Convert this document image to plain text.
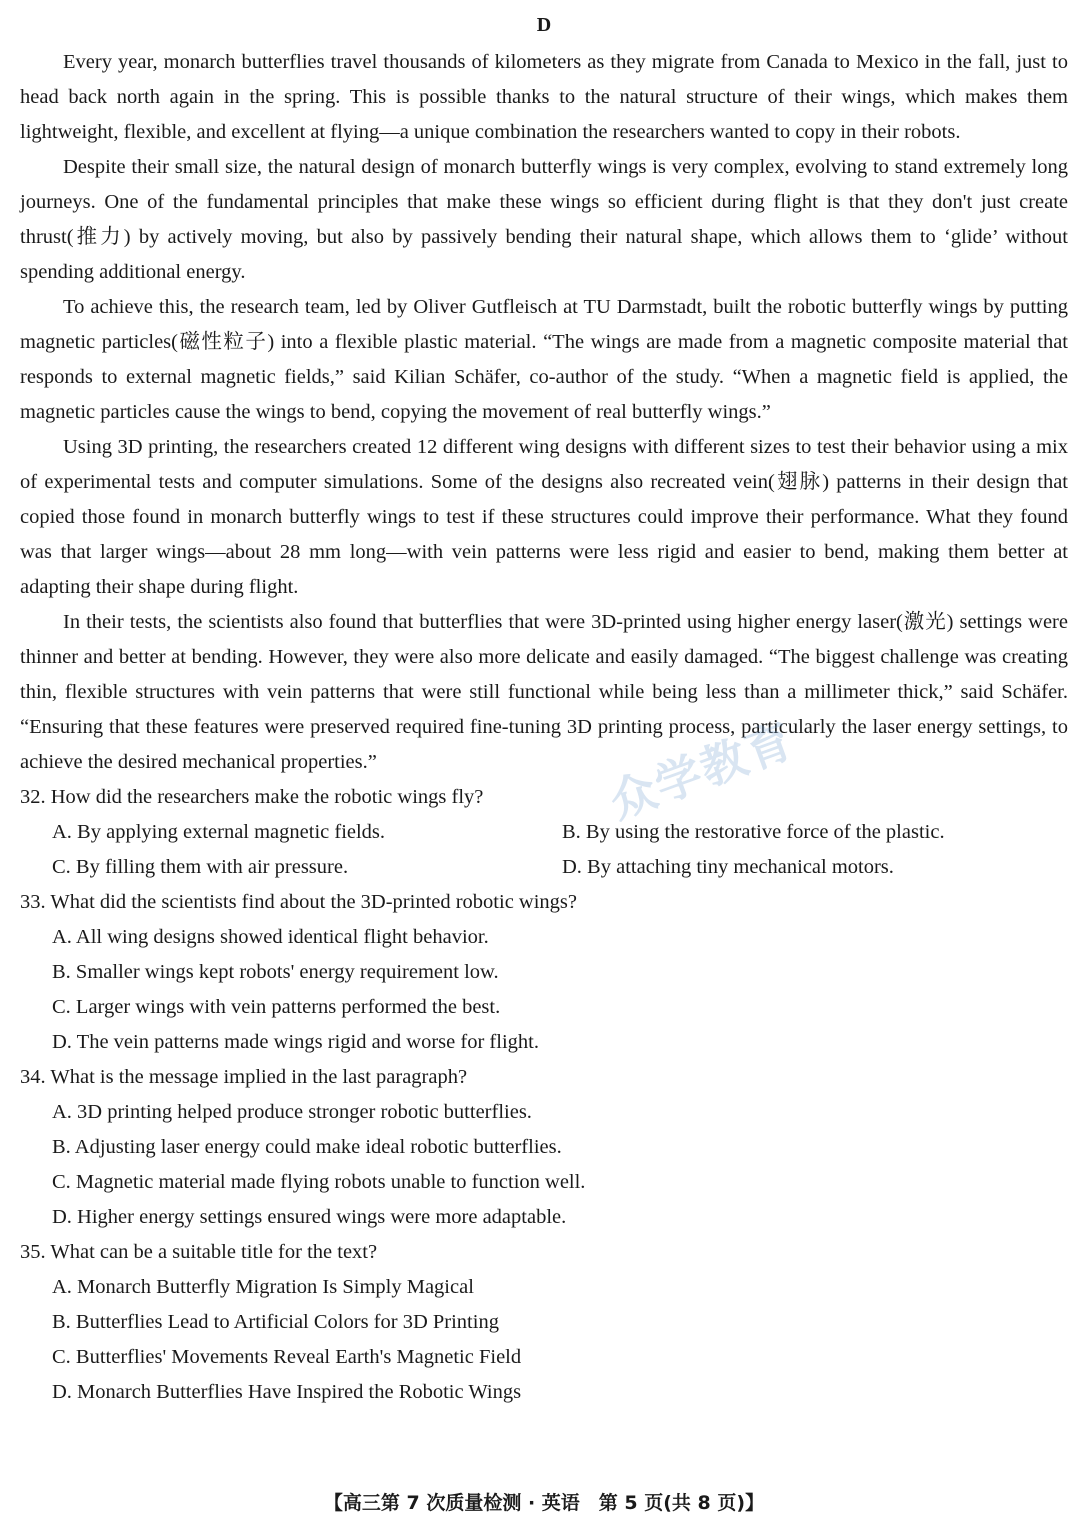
D

Every year, monarch butterflies travel thousands of kilometers as they migrate from Canada to Mexico in the fall, just to head back north again in the spring. This is possible thanks to the natural structure of their wings, which makes them lightweight, flexible, and excellent at flying—a unique combination the researchers wanted to copy in their robots.

Despite their small size, the natural design of monarch butterfly wings is very complex, evolving to stand extremely long journeys. One of the fundamental principles that make these wings so efficient during flight is that they don't just create thrust(推力) by actively moving, but also by passively bending their natural shape, which allows them to ‘glide’ without spending additional energy.

To achieve this, the research team, led by Oliver Gutfleisch at TU Darmstadt, built the robotic butterfly wings by putting magnetic particles(磁性粒子) into a flexible plastic material. “The wings are made from a magnetic composite material that responds to external magnetic fields,” said Kilian Schäfer, co-author of the study. “When a magnetic field is applied, the magnetic particles cause the wings to bend, copying the movement of real butterfly wings.”

Using 3D printing, the researchers created 12 different wing designs with different sizes to test their behavior using a mix of experimental tests and computer simulations. Some of the designs also recreated vein(翅脉) patterns in their design that copied those found in monarch butterfly wings to test if these structures could improve their performance. What they found was that larger wings—about 28 mm long—with vein patterns were less rigid and easier to bend, making them better at adapting their shape during flight.

In their tests, the scientists also found that butterflies that were 3D-printed using higher energy laser(激光) settings were thinner and better at bending. However, they were also more delicate and easily damaged. “The biggest challenge was creating thin, flexible structures with vein patterns that were still functional while being less than a millimeter thick,” said Schäfer. “Ensuring that these features were preserved required fine-tuning 3D printing process, particularly the laser energy settings, to achieve the desired mechanical properties.”

32. How did the researchers make the robotic wings fly?

A. By applying external magnetic fields.	B. By using the restorative force of the plastic.
C. By filling them with air pressure.	D. By attaching tiny mechanical motors.

33. What did the scientists find about the 3D-printed robotic wings?

A. All wing designs showed identical flight behavior.
B. Smaller wings kept robots' energy requirement low.
C. Larger wings with vein patterns performed the best.
D. The vein patterns made wings rigid and worse for flight.

34. What is the message implied in the last paragraph?

A. 3D printing helped produce stronger robotic butterflies.
B. Adjusting laser energy could make ideal robotic butterflies.
C. Magnetic material made flying robots unable to function well.
D. Higher energy settings ensured wings were more adaptable.

35. What can be a suitable title for the text?

A. Monarch Butterfly Migration Is Simply Magical
B. Butterflies Lead to Artificial Colors for 3D Printing
C. Butterflies' Movements Reveal Earth's Magnetic Field
D. Monarch Butterflies Have Inspired the Robotic Wings
【高三第 7 次质量检测 · 英语　第 5 页(共 8 页)】
众学教育
